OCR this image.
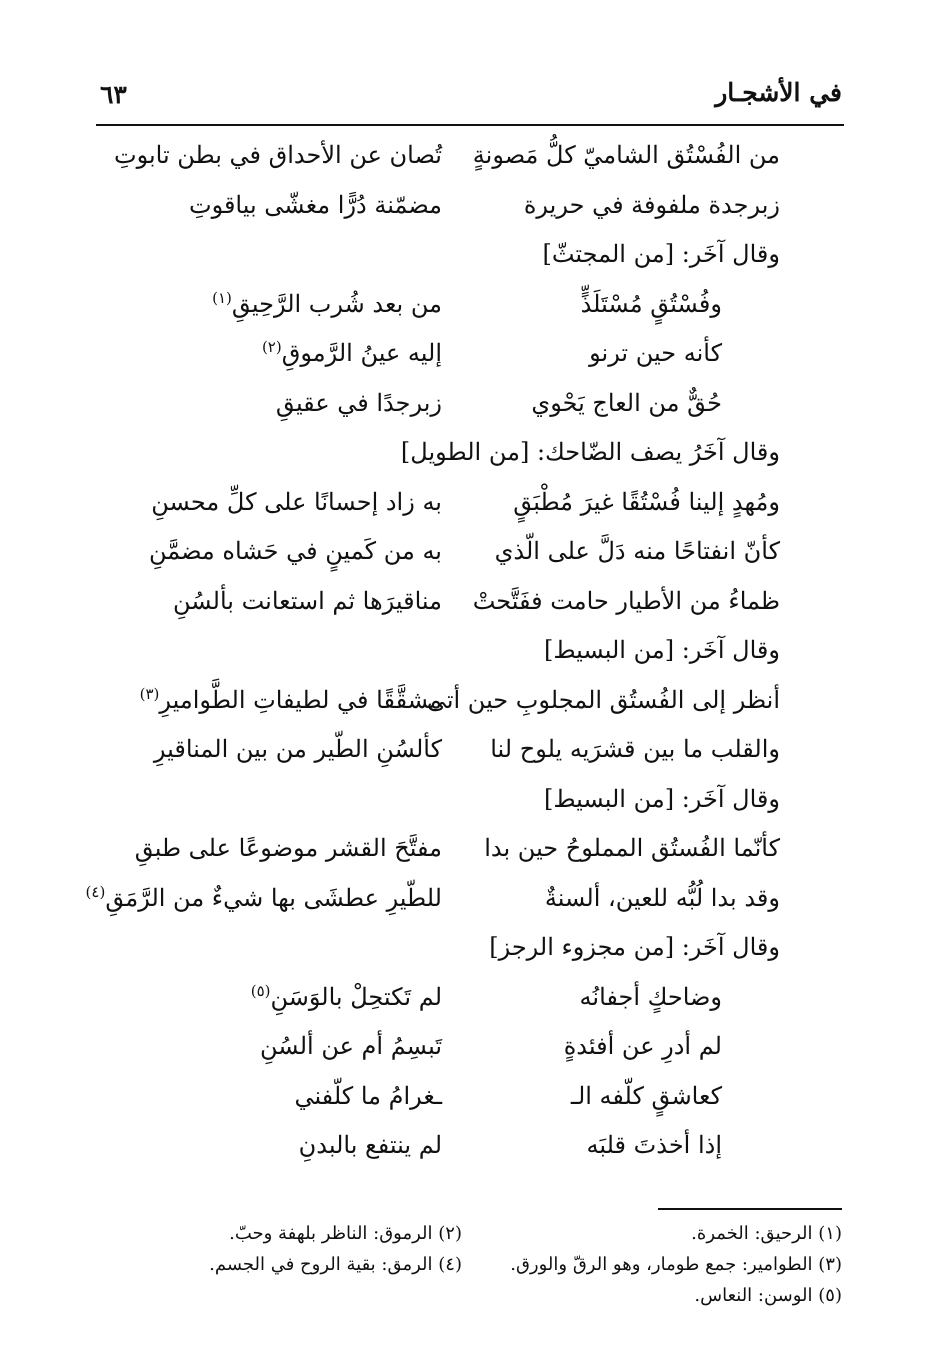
في الأشجـار
٦٣
من الفُسْتُق الشاميّ كلُّ مَصونةٍ
تُصان عن الأحداق في بطن تابوتِ
زبرجدة ملفوفة في حريرة
مضمّنة دُرًّا مغشّى بياقوتِ
وقال آخَر: [من المجتثّ]
وفُسْتُقٍ مُسْتَلَذٍّ
من بعد شُرب الرَّحِيقِ$^{(١)}$
كأنه حين ترنو
إليه عينُ الرَّموقِ$^{(٢)}$
حُقٌّ من العاج يَحْوي
زبرجدًا في عقيقِ
وقال آخَرُ يصف الضّاحك: [من الطويل]
ومُهدٍ إلينا فُسْتُقًا غيرَ مُطْبَقٍ
به زاد إحسانًا على كلِّ محسنِ
كأنّ انفتاحًا منه دَلَّ على الّذي
به من كَمينٍ في حَشاه مضمَّنِ
ظماءُ من الأطيار حامت ففَتَّحتْ
مناقيرَها ثم استعانت بألسُنِ
وقال آخَر: [من البسيط]
أنظر إلى الفُستُق المجلوبِ حين أتى
مشقَّقًا في لطيفاتِ الطَّواميرِ$^{(٣)}$
والقلب ما بين قشرَيه يلوح لنا
كألسُنِ الطّير من بين المناقيرِ
وقال آخَر: [من البسيط]
كأنّما الفُستُق المملوحُ حين بدا
مفتَّحَ القشر موضوعًا على طبقِ
وقد بدا لُبُّه للعين، ألسنةٌ
للطّيرِ عطشَى بها شيءٌ من الرَّمَقِ$^{(٤)}$
وقال آخَر: [من مجزوء الرجز]
وضاحكٍ أجفانُه
لم تَكتحِلْ بالوَسَنِ$^{(٥)}$
لم أدرِ عن أفئدةٍ
تَبسِمُ أم عن ألسُنِ
كعاشقٍ كلّفه الـ
ـغرامُ ما كلّفني
إذا أخذتَ قلبَه
لم ينتفع بالبدنِ
(١) الرحيق: الخمرة.
(٢) الرموق: الناظر بلهفة وحبّ.
(٣) الطوامير: جمع طومار، وهو الرقّ والورق.
(٤) الرمق: بقية الروح في الجسم.
(٥) الوسن: النعاس.
